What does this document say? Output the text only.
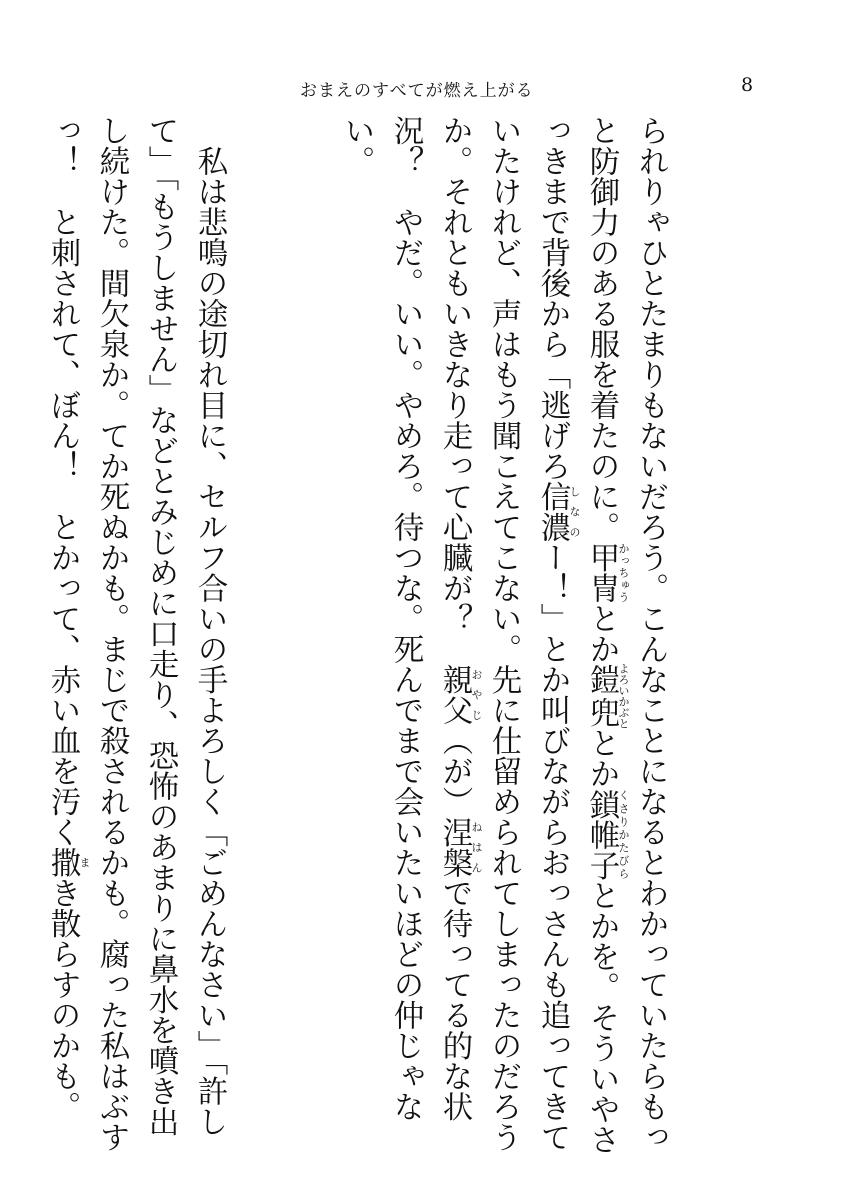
おまえのすべてが燃え上がる	8

られりゃひとたまりもないだろう。こんなことになるとわかっていたらもっと防御力のある服を着たのに。甲冑かっちゅうとか鎧兜よろいかぶととか鎖帷子くさりかたびらとかを。そういやさっきまで背後から「逃げろ信濃しなのー！」とか叫びながらおっさんも追ってきていたけれど、声はもう聞こえてこない。先に仕留められてしまったのだろうか。それともいきなり走って心臓が？　親父おやじ（が）涅槃ねはんで待ってる的な状況？　やだ。いい。やめろ。待つな。死んでまで会いたいほどの仲じゃない。

　私は悲鳴の途切れ目に、セルフ合いの手よろしく「ごめんなさい」「許して」「もうしません」などとみじめに口走り、恐怖のあまりに鼻水を噴き出し続けた。間欠泉か。てか死ぬかも。まじで殺されるかも。腐った私はぶすっ！　と刺されて、ぼん！　とかって、赤い血を汚く撒まき散らすのかも。
